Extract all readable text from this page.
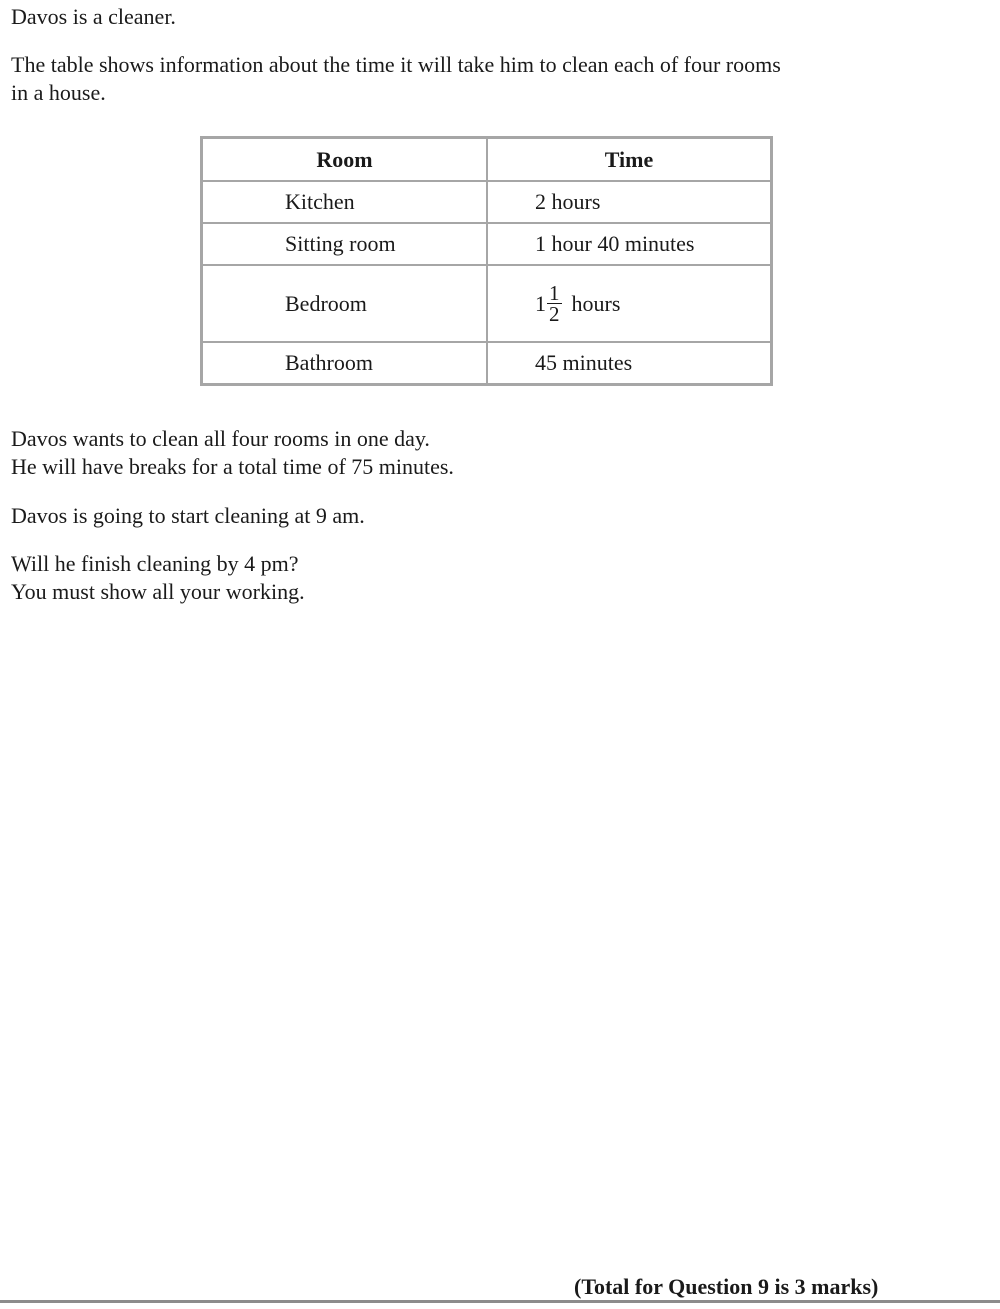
Davos is a cleaner.

The table shows information about the time it will take him to clean each of four rooms
in a house.

Room	Time
Kitchen	2 hours
Sitting room	1 hour 40 minutes
Bedroom	$1 \frac{1}{2}$ hours

Bathroom	45 minutes

Davos wants to clean all four rooms in one day.
He will have breaks for a total time of 75 minutes.

Davos is going to start cleaning at 9 am.

Will he finish cleaning by 4 pm?
You must show all your working.

(Total for Question 9 is 3 marks)
